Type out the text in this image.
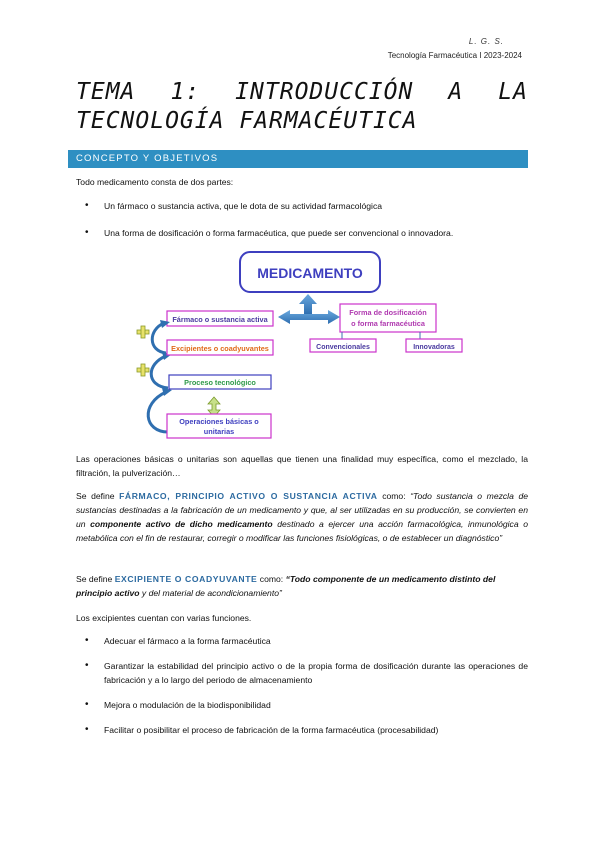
L. G. S.
Tecnología Farmacéutica I 2023-2024
TEMA 1: INTRODUCCIÓN A LA TECNOLOGÍA FARMACÉUTICA
CONCEPTO Y OBJETIVOS
Todo medicamento consta de dos partes:
• Un fármaco o sustancia activa, que le dota de su actividad farmacológica
• Una forma de dosificación o forma farmacéutica, que puede ser convencional o innovadora.
MEDICAMENTO
Fármaco o sustancia activa
Forma de dosificación
o forma farmacéutica
Convencionales	Innovadoras
Excipientes o coadyuvantes
Proceso tecnológico
Operaciones básicas o
unitarias
Las operaciones básicas o unitarias son aquellas que tienen una finalidad muy específica, como el mezclado, la filtración, la pulverización…
Se define FÁRMACO, PRINCIPIO ACTIVO O SUSTANCIA ACTIVA como: “Todo sustancia o mezcla de sustancias destinadas a la fabricación de un medicamento y que, al ser utilizadas en su producción, se convierten en un componente activo de dicho medicamento destinado a ejercer una acción farmacológica, inmunológica o metabólica con el fin de restaurar, corregir o modificar las funciones fisiológicas, o de establecer un diagnóstico”
Se define EXCIPIENTE O COADYUVANTE como: “Todo componente de un medicamento distinto del principio activo y del material de acondicionamiento”
Los excipientes cuentan con varias funciones.
• Adecuar el fármaco a la forma farmacéutica
• Garantizar la estabilidad del principio activo o de la propia forma de dosificación durante las operaciones de fabricación y a lo largo del periodo de almacenamiento
• Mejora o modulación de la biodisponibilidad
• Facilitar o posibilitar el proceso de fabricación de la forma farmacéutica (procesabilidad)
